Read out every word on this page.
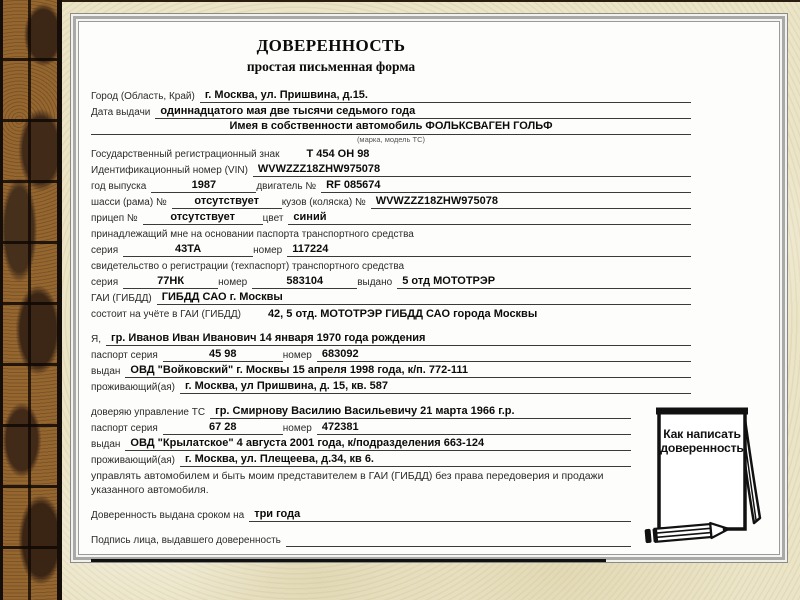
ДОВЕРЕННОСТЬ
простая письменная форма
Город (Область, Край) г. Москва, ул. Пришвина, д.15.
Дата выдачи одиннадцатого мая две тысячи седьмого года
Имея в собственности автомобиль ФОЛЬКСВАГЕН ГОЛЬФ
(марка, модель ТС)
Государственный регистрационный знак	Т 454 ОН 98
Идентификационный номер (VIN) WVWZZZ18ZHW975078
год выпуска	1987	двигатель № RF 085674
шасси (рама) №	отсутствует	кузов (коляска) № WVWZZZ18ZHW975078
прицеп №	отсутствует	цвет синий
принадлежащий мне на основании паспорта транспортного средства
серия	43ТА	номер 117224
свидетельство о регистрации (техпаспорт) транспортного средства
серия	77НК	номер	583104	выдано 5 отд МОТОТРЭР
ГАИ (ГИБДД) ГИБДД САО г. Москвы
состоит на учёте в ГАИ (ГИБДД)	42, 5 отд. МОТОТРЭР ГИБДД САО города Москвы
Я, гр. Иванов Иван Иванович 14 января 1970 года рождения
паспорт серия	45 98	номер 683092
выдан ОВД "Войковский" г. Москвы 15 апреля 1998 года, к/п. 772-111
проживающий(ая) г. Москва, ул Пришвина, д. 15, кв. 587
доверяю управление ТС гр. Смирнову Василию Васильевичу 21 марта 1966 г.р.
паспорт серия	67 28	номер 472381
выдан ОВД "Крылатское" 4 августа 2001 года, к/подразделения 663-124
проживающий(ая) г. Москва, ул. Плещеева, д.34, кв 6.
управлять автомобилем и быть моим представителем в ГАИ (ГИБДД) без права передоверия и продажи указанного автомобиля.
Доверенность выдана сроком на три года
Подпись лица, выдавшего доверенность
Как написать
доверенность
